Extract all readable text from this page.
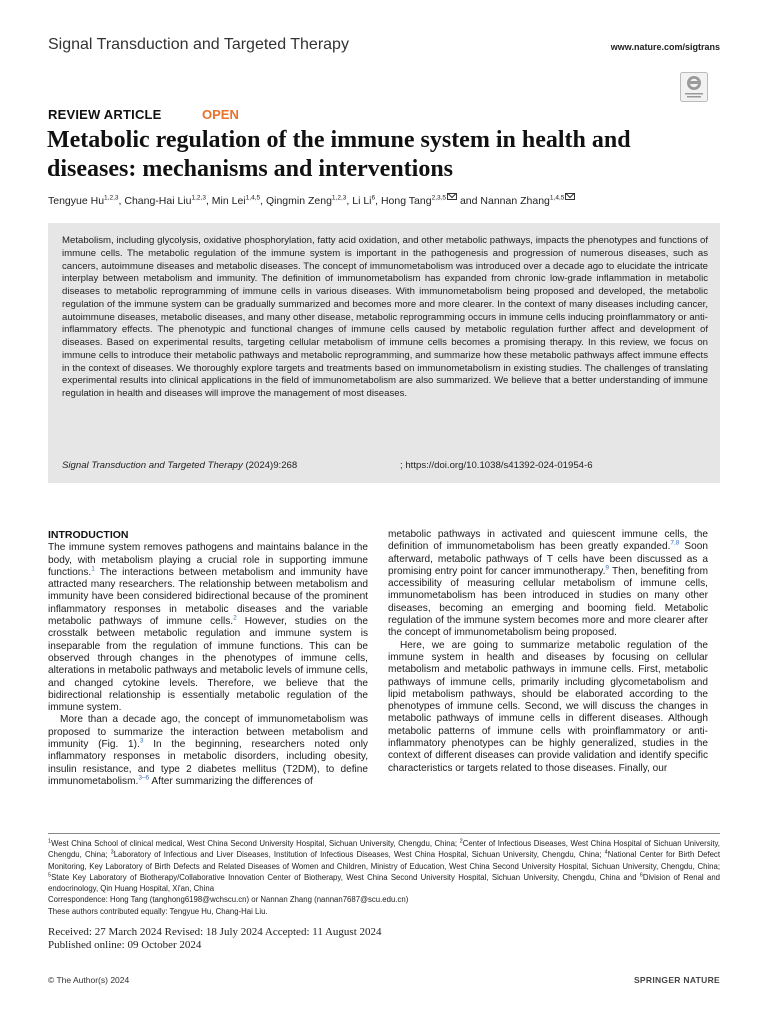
Signal Transduction and Targeted Therapy	www.nature.com/sigtrans
REVIEW ARTICLE	OPEN
Metabolic regulation of the immune system in health and
diseases: mechanisms and interventions
Tengyue Hu$^{1,2,3}$, Chang-Hai Liu$^{1,2,3}$, Min Lei$^{1,4,5}$, Qingmin Zeng$^{1,2,3}$, Li Li$^6$, Hong Tang$^{2,3,5}$ and Nannan Zhang$^{1,4,5}$

Metabolism, including glycolysis, oxidative phosphorylation, fatty acid oxidation, and other metabolic pathways, impacts the phenotypes and functions of immune cells. The metabolic regulation of the immune system is important in the pathogenesis and progression of numerous diseases, such as cancers, autoimmune diseases and metabolic diseases. The concept of immunometabolism was introduced over a decade ago to elucidate the intricate interplay between metabolism and immunity. The definition of immunometabolism has expanded from chronic low-grade inflammation in metabolic diseases to metabolic reprogramming of immune cells in various diseases. With immunometabolism being proposed and developed, the metabolic regulation of the immune system can be gradually summarized and becomes more and more clearer. In the context of many diseases including cancer, autoimmune diseases, metabolic diseases, and many other disease, metabolic reprogramming occurs in immune cells inducing proinflammatory or anti-inflammatory effects. The phenotypic and functional changes of immune cells caused by metabolic regulation further affect and development of diseases. Based on experimental results, targeting cellular metabolism of immune cells becomes a promising therapy. In this review, we focus on immune cells to introduce their metabolic pathways and metabolic reprogramming, and summarize how these metabolic pathways affect immune effects in the context of diseases. We thoroughly explore targets and treatments based on immunometabolism in existing studies. The challenges of translating experimental results into clinical applications in the field of immunometabolism are also summarized. We believe that a better understanding of immune regulation in health and diseases will improve the management of most diseases.

Signal Transduction and Targeted Therapy (2024)9:268	; https://doi.org/10.1038/s41392-024-01954-6
INTRODUCTION

The immune system removes pathogens and maintains balance in the body, with metabolism playing a crucial role in supporting immune functions.$^1$ The interactions between metabolism and immunity have attracted many researchers. The relationship between metabolism and immunity have been considered bidirectional because of the prominent inflammatory responses in metabolic diseases and the variable metabolic pathways of immune cells.$^2$ However, studies on the crosstalk between metabolic regulation and immune system is inseparable from the regulation of immune functions. This can be observed through changes in the phenotypes of immune cells, alterations in metabolic pathways and metabolic levels of immune cells, and changed cytokine levels. Therefore, we believe that the bidirectional relationship is essentially metabolic regulation of the immune system.

More than a decade ago, the concept of immunometabolism was proposed to summarize the interaction between metabolism and immunity (Fig. 1).$^3$ In the beginning, researchers noted only inflammatory responses in metabolic disorders, including obesity, insulin resistance, and type 2 diabetes mellitus (T2DM), to define immunometabolism.$^{3-6}$ After summarizing the differences of

metabolic pathways in activated and quiescent immune cells, the definition of immunometabolism has been greatly expanded.$^{7,8}$ Soon afterward, metabolic pathways of T cells have been discussed as a promising entry point for cancer immunotherapy.$^9$ Then, benefiting from accessibility of measuring cellular metabolism of immune cells, immunometabolism has been introduced in studies on many other diseases, becoming an emerging and booming field. Metabolic regulation of the immune system becomes more and more clearer after the concept of immunometabolism being proposed.

Here, we are going to summarize metabolic regulation of the immune system in health and diseases by focusing on cellular metabolism and metabolic pathways in immune cells. First, metabolic pathways of immune cells, primarily including glycometabolism and lipid metabolism pathways, should be elaborated according to the phenotypes of immune cells. Second, we will discuss the changes in metabolic pathways of immune cells in different diseases. Although metabolic patterns of immune cells with proinflammatory or anti-inflammatory phenotypes can be highly generalized, studies in the context of different diseases can provide validation and identify specific characteristics or targets related to those diseases. Finally, our

$^1$West China School of clinical medical, West China Second University Hospital, Sichuan University, Chengdu, China; $^2$Center of Infectious Diseases, West China Hospital of Sichuan University, Chengdu, China; $^3$Laboratory of Infectious and Liver Diseases, Institution of Infectious Diseases, West China Hospital, Sichuan University, Chengdu, China; $^4$National Center for Birth Defect Monitoring, Key Laboratory of Birth Defects and Related Diseases of Women and Children, Ministry of Education, West China Second University Hospital, Sichuan University, Chengdu, China; $^5$State Key Laboratory of Biotherapy/Collaborative Innovation Center of Biotherapy, West China Second University Hospital, Sichuan University, Chengdu, China and $^6$Division of Renal and endocrinology, Qin Huang Hospital, Xi'an, China
Correspondence: Hong Tang (tanghong6198@wchscu.cn) or Nannan Zhang (nannan7687@scu.edu.cn)
These authors contributed equally: Tengyue Hu, Chang-Hai Liu.
Received: 27 March 2024 Revised: 18 July 2024 Accepted: 11 August 2024
Published online: 09 October 2024
© The Author(s) 2024	SPRINGER NATURE
